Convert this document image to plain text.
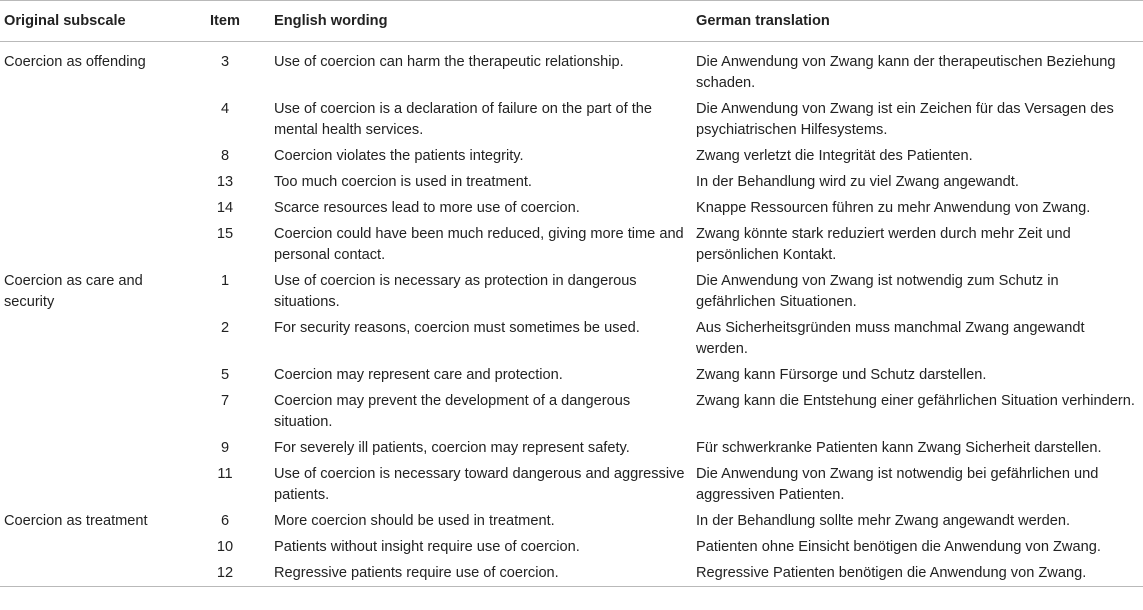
Original subscale	Item	English wording	German translation
Coercion as offending	3	Use of coercion can harm the therapeutic relationship.	Die Anwendung von Zwang kann der therapeutischen Beziehung schaden.
	4	Use of coercion is a declaration of failure on the part of the mental health services.	Die Anwendung von Zwang ist ein Zeichen für das Versagen des psychiatrischen Hilfesystems.
	8	Coercion violates the patients integrity.	Zwang verletzt die Integrität des Patienten.
	13	Too much coercion is used in treatment.	In der Behandlung wird zu viel Zwang angewandt.
	14	Scarce resources lead to more use of coercion.	Knappe Ressourcen führen zu mehr Anwendung von Zwang.
	15	Coercion could have been much reduced, giving more time and personal contact.	Zwang könnte stark reduziert werden durch mehr Zeit und persönlichen Kontakt.
Coercion as care and security	1	Use of coercion is necessary as protection in dangerous situations.	Die Anwendung von Zwang ist notwendig zum Schutz in gefährlichen Situationen.
	2	For security reasons, coercion must sometimes be used.	Aus Sicherheitsgründen muss manchmal Zwang angewandt werden.
	5	Coercion may represent care and protection.	Zwang kann Fürsorge und Schutz darstellen.
	7	Coercion may prevent the development of a dangerous situation.	Zwang kann die Entstehung einer gefährlichen Situation verhindern.
	9	For severely ill patients, coercion may represent safety.	Für schwerkranke Patienten kann Zwang Sicherheit darstellen.
	11	Use of coercion is necessary toward dangerous and aggressive patients.	Die Anwendung von Zwang ist notwendig bei gefährlichen und aggressiven Patienten.
Coercion as treatment	6	More coercion should be used in treatment.	In der Behandlung sollte mehr Zwang angewandt werden.
	10	Patients without insight require use of coercion.	Patienten ohne Einsicht benötigen die Anwendung von Zwang.
	12	Regressive patients require use of coercion.	Regressive Patienten benötigen die Anwendung von Zwang.
